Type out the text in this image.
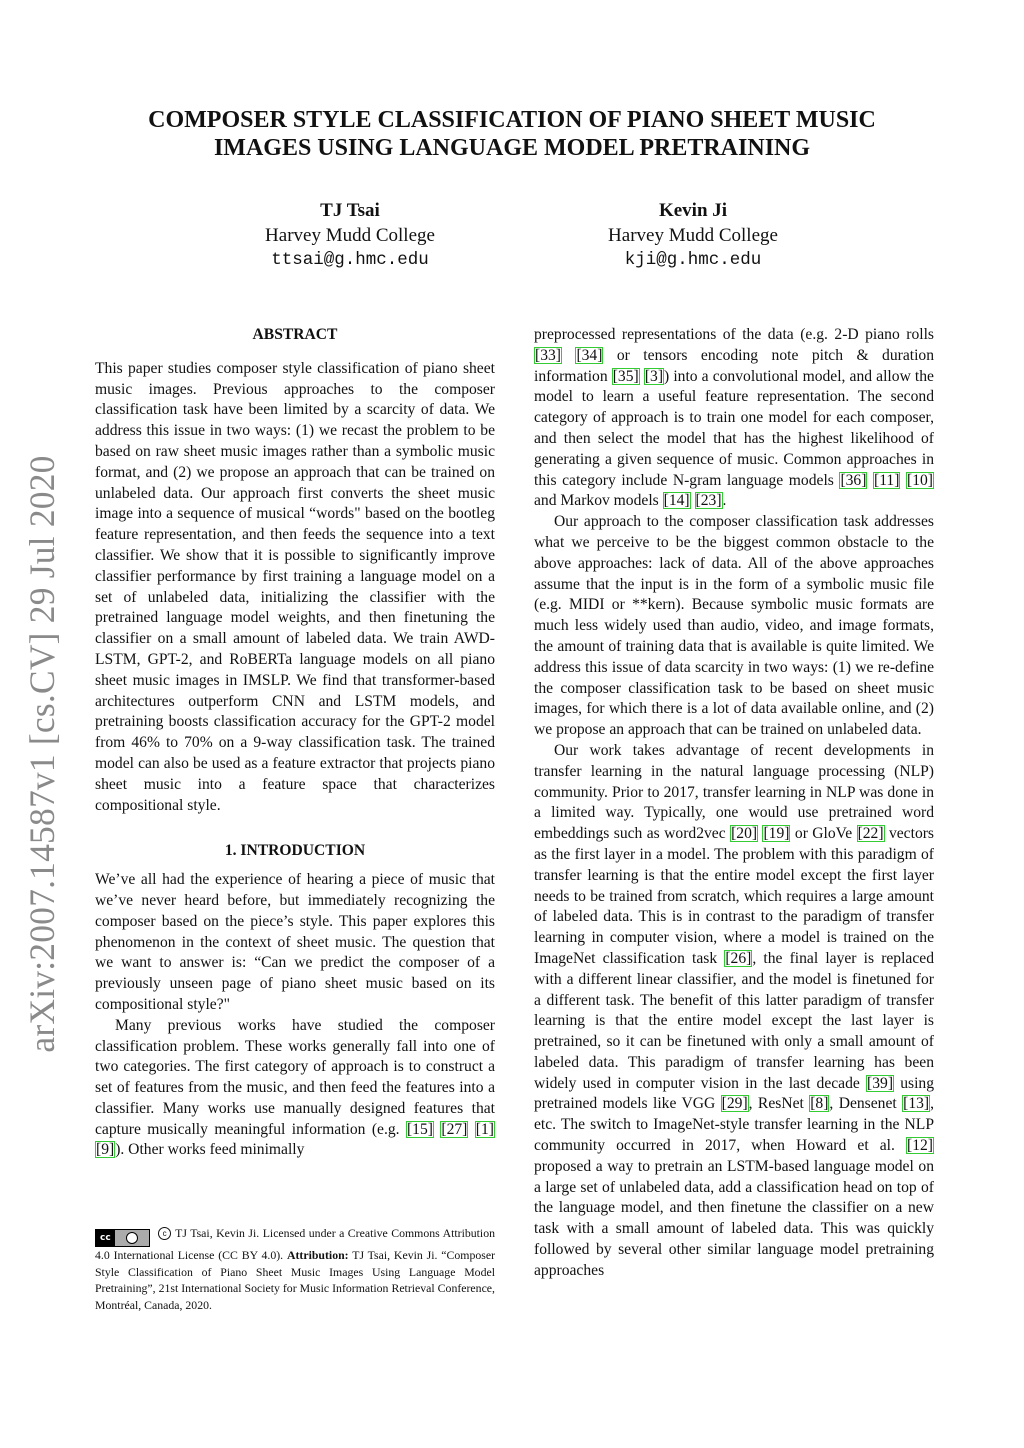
arXiv:2007.14587v1 [cs.CV] 29 Jul 2020
COMPOSER STYLE CLASSIFICATION OF PIANO SHEET MUSIC
IMAGES USING LANGUAGE MODEL PRETRAINING
TJ Tsai
Harvey Mudd College
ttsai@g.hmc.edu
Kevin Ji
Harvey Mudd College
kji@g.hmc.edu
ABSTRACT

This paper studies composer style classification of piano sheet music images. Previous approaches to the composer classification task have been limited by a scarcity of data. We address this issue in two ways: (1) we recast the problem to be based on raw sheet music images rather than a symbolic music format, and (2) we propose an approach that can be trained on unlabeled data. Our approach first converts the sheet music image into a sequence of musical “words" based on the bootleg feature representation, and then feeds the sequence into a text classifier. We show that it is possible to significantly improve classifier performance by first training a language model on a set of unlabeled data, initializing the classifier with the pretrained language model weights, and then finetuning the classifier on a small amount of labeled data. We train AWD-LSTM, GPT-2, and RoBERTa language models on all piano sheet music images in IMSLP. We find that transformer-based architectures outperform CNN and LSTM models, and pretraining boosts classification accuracy for the GPT-2 model from 46% to 70% on a 9-way classification task. The trained model can also be used as a feature extractor that projects piano sheet music into a feature space that characterizes compositional style.

1. INTRODUCTION

We’ve all had the experience of hearing a piece of music that we’ve never heard before, but immediately recognizing the composer based on the piece’s style. This paper explores this phenomenon in the context of sheet music. The question that we want to answer is: “Can we predict the composer of a previously unseen page of piano sheet music based on its compositional style?"

Many previous works have studied the composer classification problem. These works generally fall into one of two categories. The first category of approach is to construct a set of features from the music, and then feed the features into a classifier. Many works use manually designed features that capture musically meaningful information (e.g. [15] [27] [1] [9]). Other works feed minimally

preprocessed representations of the data (e.g. 2-D piano rolls [33] [34] or tensors encoding note pitch & duration information [35] [3]) into a convolutional model, and allow the model to learn a useful feature representation. The second category of approach is to train one model for each composer, and then select the model that has the highest likelihood of generating a given sequence of music. Common approaches in this category include N-gram language models [36] [11] [10] and Markov models [14] [23].

Our approach to the composer classification task addresses what we perceive to be the biggest common obstacle to the above approaches: lack of data. All of the above approaches assume that the input is in the form of a symbolic music file (e.g. MIDI or **kern). Because symbolic music formats are much less widely used than audio, video, and image formats, the amount of training data that is available is quite limited. We address this issue of data scarcity in two ways: (1) we re-define the composer classification task to be based on sheet music images, for which there is a lot of data available online, and (2) we propose an approach that can be trained on unlabeled data.

Our work takes advantage of recent developments in transfer learning in the natural language processing (NLP) community. Prior to 2017, transfer learning in NLP was done in a limited way. Typically, one would use pretrained word embeddings such as word2vec [20] [19] or GloVe [22] vectors as the first layer in a model. The problem with this paradigm of transfer learning is that the entire model except the first layer needs to be trained from scratch, which requires a large amount of labeled data. This is in contrast to the paradigm of transfer learning in computer vision, where a model is trained on the ImageNet classification task [26], the final layer is replaced with a different linear classifier, and the model is finetuned for a different task. The benefit of this latter paradigm of transfer learning is that the entire model except the last layer is pretrained, so it can be finetuned with only a small amount of labeled data. This paradigm of transfer learning has been widely used in computer vision in the last decade [39] using pretrained models like VGG [29], ResNet [8], Densenet [13], etc. The switch to ImageNet-style transfer learning in the NLP community occurred in 2017, when Howard et al. [12] proposed a way to pretrain an LSTM-based language model on a large set of unlabeled data, add a classification head on top of the language model, and then finetune the classifier on a new task with a small amount of labeled data. This was quickly followed by several other similar language model pretraining approaches

cc	c TJ Tsai, Kevin Ji. Licensed under a Creative Commons Attribution 4.0 International License (CC BY 4.0). Attribution: TJ Tsai, Kevin Ji. “Composer Style Classification of Piano Sheet Music Images Using Language Model Pretraining”, 21st International Society for Music Information Retrieval Conference, Montréal, Canada, 2020.
